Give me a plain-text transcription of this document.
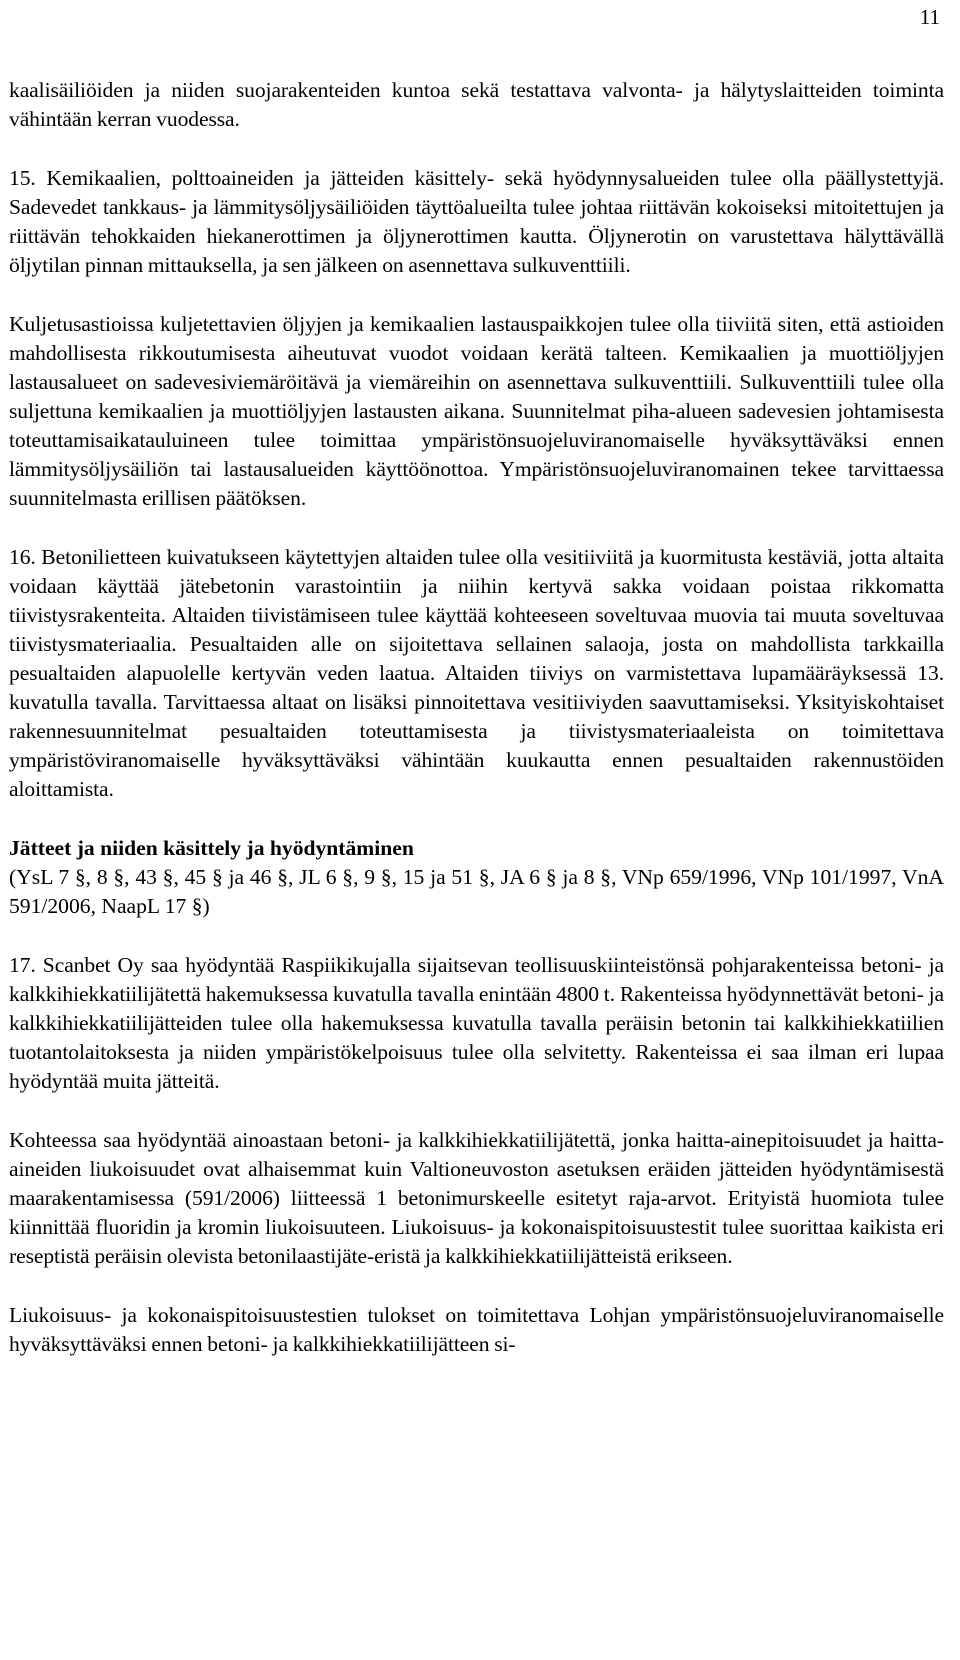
11

kaalisäiliöiden ja niiden suojarakenteiden kuntoa sekä testattava valvonta- ja hälytyslaitteiden toiminta vähintään kerran vuodessa.

15. Kemikaalien, polttoaineiden ja jätteiden käsittely- sekä hyödynnysalueiden tulee olla päällystettyjä. Sadevedet tankkaus- ja lämmitysöljysäiliöiden täyttöalueilta tulee johtaa riittävän kokoiseksi mitoitettujen ja riittävän tehokkaiden hiekanerottimen ja öljynerottimen kautta. Öljynerotin on varustettava hälyttävällä öljytilan pinnan mittauksella, ja sen jälkeen on asennettava sulkuventtiili.

Kuljetusastioissa kuljetettavien öljyjen ja kemikaalien lastauspaikkojen tulee olla tiiviitä siten, että astioiden mahdollisesta rikkoutumisesta aiheutuvat vuodot voidaan kerätä talteen. Kemikaalien ja muottiöljyjen lastausalueet on sadevesiviemäröitävä ja viemäreihin on asennettava sulkuventtiili. Sulkuventtiili tulee olla suljettuna kemikaalien ja muottiöljyjen lastausten aikana. Suunnitelmat piha-alueen sadevesien johtamisesta toteuttamisaikatauluineen tulee toimittaa ympäristönsuojeluviranomaiselle hyväksyttäväksi ennen lämmitysöljysäiliön tai lastausalueiden käyttöönottoa. Ympäristönsuojeluviranomainen tekee tarvittaessa suunnitelmasta erillisen päätöksen.

16. Betonilietteen kuivatukseen käytettyjen altaiden tulee olla vesitiiviitä ja kuormitusta kestäviä, jotta altaita voidaan käyttää jätebetonin varastointiin ja niihin kertyvä sakka voidaan poistaa rikkomatta tiivistysrakenteita. Altaiden tiivistämiseen tulee käyttää kohteeseen soveltuvaa muovia tai muuta soveltuvaa tiivistysmateriaalia. Pesualtaiden alle on sijoitettava sellainen salaoja, josta on mahdollista tarkkailla pesualtaiden alapuolelle kertyvän veden laatua. Altaiden tiiviys on varmistettava lupamääräyksessä 13. kuvatulla tavalla. Tarvittaessa altaat on lisäksi pinnoitettava vesitiiviyden saavuttamiseksi. Yksityiskohtaiset rakennesuunnitelmat pesualtaiden toteuttamisesta ja tiivistysmateriaaleista on toimitettava ympäristöviranomaiselle hyväksyttäväksi vähintään kuukautta ennen pesualtaiden rakennustöiden aloittamista.

Jätteet ja niiden käsittely ja hyödyntäminen

(YsL 7 §, 8 §, 43 §, 45 § ja 46 §, JL 6 §, 9 §, 15 ja 51 §, JA 6 § ja 8 §, VNp 659/1996, VNp 101/1997, VnA 591/2006, NaapL 17 §)

17. Scanbet Oy saa hyödyntää Raspiikikujalla sijaitsevan teollisuuskiinteistönsä pohjarakenteissa betoni- ja kalkkihiekkatiilijätettä hakemuksessa kuvatulla tavalla enintään 4800 t. Rakenteissa hyödynnettävät betoni- ja kalkkihiekkatiilijätteiden tulee olla hakemuksessa kuvatulla tavalla peräisin betonin tai kalkkihiekkatiilien tuotantolaitoksesta ja niiden ympäristökelpoisuus tulee olla selvitetty. Rakenteissa ei saa ilman eri lupaa hyödyntää muita jätteitä.

Kohteessa saa hyödyntää ainoastaan betoni- ja kalkkihiekkatiilijätettä, jonka haitta-ainepitoisuudet ja haitta-aineiden liukoisuudet ovat alhaisemmat kuin Valtioneuvoston asetuksen eräiden jätteiden hyödyntämisestä maarakentamisessa (591/2006) liitteessä 1 betonimurskeelle esitetyt raja-arvot. Erityistä huomiota tulee kiinnittää fluoridin ja kromin liukoisuuteen. Liukoisuus- ja kokonaispitoisuustestit tulee suorittaa kaikista eri reseptistä peräisin olevista betonilaastijäte-eristä ja kalkkihiekkatiilijätteistä erikseen.

Liukoisuus- ja kokonaispitoisuustestien tulokset on toimitettava Lohjan ympäristönsuojeluviranomaiselle hyväksyttäväksi ennen betoni- ja kalkkihiekkatiilijätteen si-
